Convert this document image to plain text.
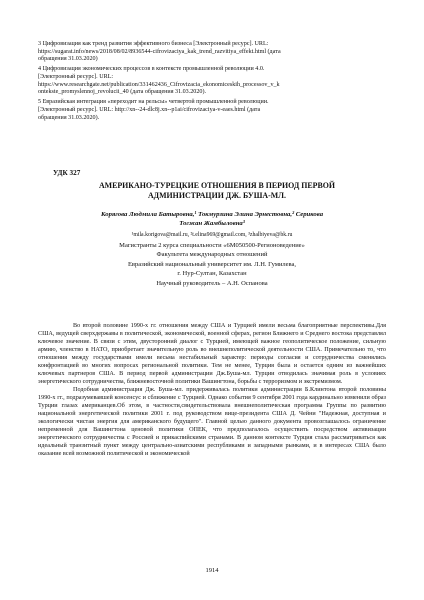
3 Цифровизация как тренд развития эффективного бизнеса [Электронный ресурс]. URL:
https://sugarat.info/news/2018/08/02/8936544-cifrovizaciya_kak_trend_razvitiya_effekt.html (дата
обращения 31.03.2020)
4 Цифровизация экономических процессов в контексте промышленной революции 4.0.
[Электронный ресурс]. URL:
https://www.researchgate.net/publication/331462436_Cifrovizacia_ekonomiceskih_processov_v_k
ontekste_promyslennoj_revolucii_40 (дата обращения 31.03.2020).
5 Евразийская интеграция «переходит на рельсы» четвертой промышленной революции.
[Электронный ресурс]. URL: http://xn--24-dlc8j.xn--p1ai/cifrovizaciya-v-eaes.html (дата
обращения 31.03.2020).
УДК 327
АМЕРИКАНО-ТУРЕЦКИЕ ОТНОШЕНИЯ В ПЕРИОД ПЕРВОЙ
АДМИНИСТРАЦИИ ДЖ. БУША-МЛ.
Корягова Людмила Батыровна,¹ Токмурзина Элина Эрнестовна,² Серикова
Тогжан Жамбыловна³
¹mila.korigova@mail.ru, ²t.elina969@gmail.com, ³zhalbiyeva@bk.ru
Магистранты 2 курса специальности «6M050500-Регионоведение»
Факультета международных отношений
Евразийский национальный университет им. Л.Н. Гумилева,
г. Нур-Султан, Казахстан
Научный руководитель – А.Н. Оспанова

Во второй половине 1990-х гг. отношения между США и Турцией имели весьма благоприятные перспективы.Для США, ведущей сверхдержавы в политической, экономической, военной сферах, регион Ближнего и Среднего востока представлял ключевое значение. В связи с этим, двусторонний диалог с Турцией, имеющей важное геополитическое положение, сильную армию, членство в НАТО, приобретает значительную роль во внешнеполитической деятельности США. Примечательно то, что отношения между государствами имели весьма нестабильный характер: периоды согласия и сотрудничества сменялись конфронтацией во многих вопросах региональной политики. Тем не менее, Турция была и остается одним из важнейших ключевых партнеров США. В период первой администрации Дж.Буша-мл. Турции отводилась значимая роль в условиях энергетического сотрудничества, ближневосточной политики Вашингтона, борьбы с терроризмом и экстремизмом.

Подобная администрация Дж. Буша-мл. придерживалась политики администрации Б.Клинтона второй половины 1990-х гг., подразумевавшей консенсус и сближение с Турцией. Однако события 9 сентября 2001 года кардинально изменили образ Турции глазах американцев.Об этом, в частности,свидетельствовала внешнеполитическая программа Группы по развитию национальной энергетической политики 2001 г. под руководством вице-президента США Д. Чейни "Надежная, доступная и экологически чистая энергия для американского будущего". Главной целью данного документа провозглашалось ограничение непременной для Вашингтона ценовой политики ОПЕК, что предполагалось осуществить посредством активизации энергетического сотрудничества с Россией и прикаспийскими странами. В данном контексте Турция стала рассматриваться как идеальный транзитный пункт между центрально-азиатскими республиками и западными рынками, и в интересах США было оказание всей возможной политической и экономической

1914
